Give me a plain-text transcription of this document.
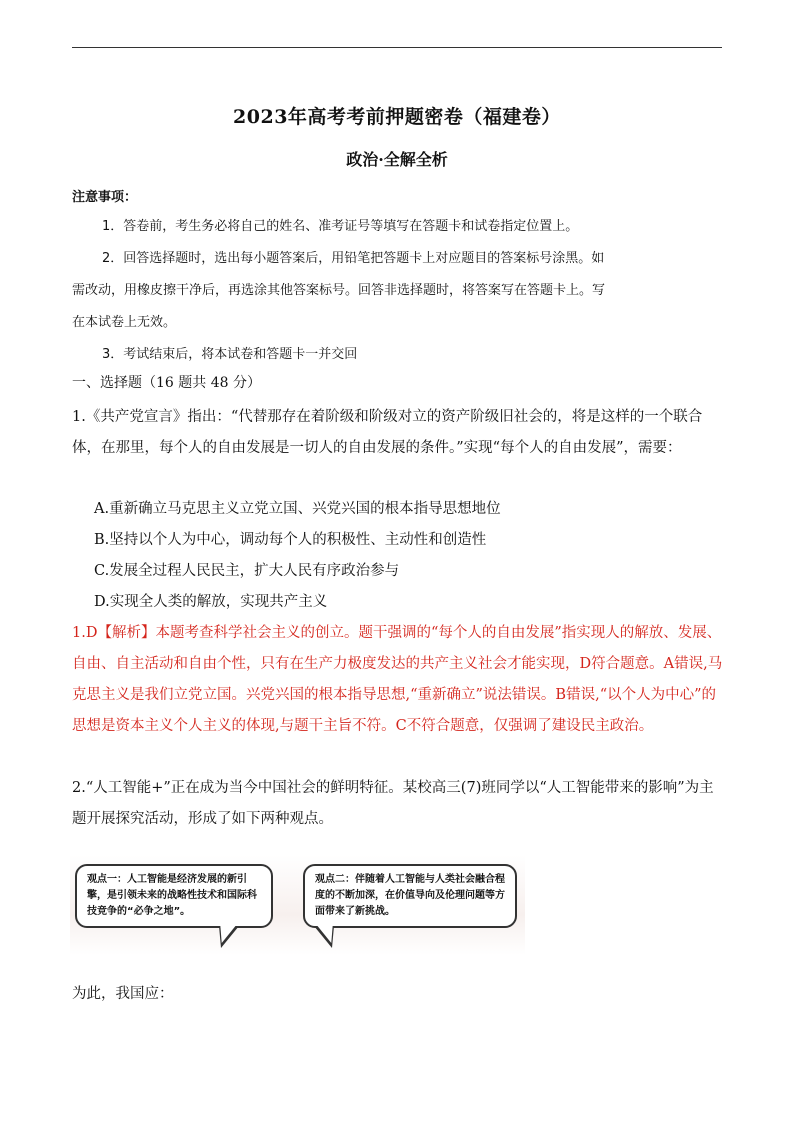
2023年高考考前押题密卷（福建卷）
政治·全解全析
注意事项：

1．答卷前，考生务必将自己的姓名、准考证号等填写在答题卡和试卷指定位置上。

2．回答选择题时，选出每小题答案后，用铅笔把答题卡上对应题目的答案标号涂黑。如

需改动，用橡皮擦干净后，再选涂其他答案标号。回答非选择题时，将答案写在答题卡上。写

在本试卷上无效。

3．考试结束后，将本试卷和答题卡一并交回

一、选择题（16 题共 48 分）

1.《共产党宣言》指出：“代替那存在着阶级和阶级对立的资产阶级旧社会的，将是这样的一个联合体，在那里，每个人的自由发展是一切人的自由发展的条件。”实现“每个人的自由发展”，需要：

A.重新确立马克思主义立党立国、兴党兴国的根本指导思想地位
B.坚持以个人为中心，调动每个人的积极性、主动性和创造性
C.发展全过程人民民主，扩大人民有序政治参与
D.实现全人类的解放，实现共产主义

1.D【解析】本题考查科学社会主义的创立。题干强调的“每个人的自由发展”指实现人的解放、发展、自由、自主活动和自由个性，只有在生产力极度发达的共产主义社会才能实现，D符合题意。A错误,马克思主义是我们立党立国。兴党兴国的根本指导思想,“重新确立”说法错误。B错误,“以个人为中心”的思想是资本主义个人主义的体现,与题干主旨不符。C不符合题意，仅强调了建设民主政治。

2.“人工智能+”正在成为当今中国社会的鲜明特征。某校高三(7)班同学以“人工智能带来的影响”为主题开展探究活动，形成了如下两种观点。

观点一：人工智能是经济发展的新引擎，是引领未来的战略性技术和国际科技竞争的“必争之地”。
观点二：伴随着人工智能与人类社会融合程度的不断加深，在价值导向及伦理问题等方面带来了新挑战。
为此，我国应：
